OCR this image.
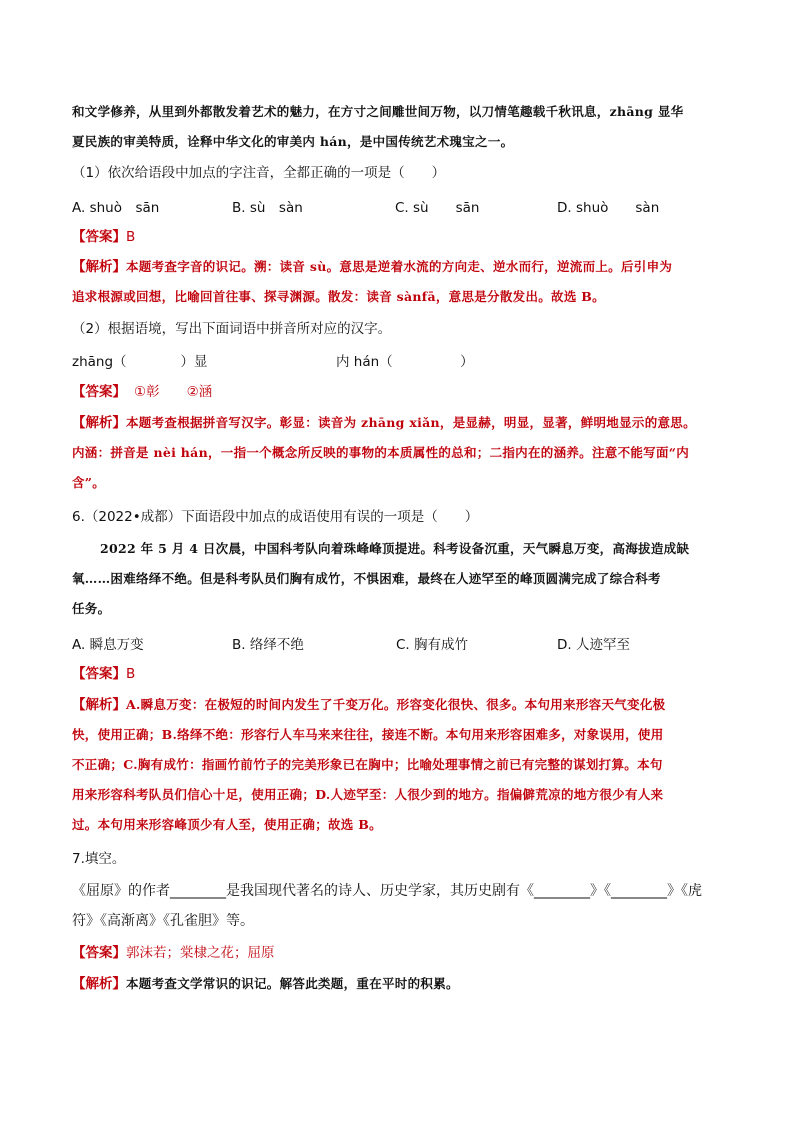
和文学修养，从里到外都散发着艺术的魅力，在方寸之间雕世间万物，以刀情笔趣载千秋讯息，zhāng 显华
夏民族的审美特质，诠释中华文化的审美内 hán，是中国传统艺术瑰宝之一。
（1）依次给语段中加点的字注音，全都正确的一项是（　　）
A. shuò　sān	B. sù　sàn	C. sù　　sān	D. shuò　　sàn
【答案】B
【解析】本题考查字音的识记。溯：读音 sù。意思是逆着水流的方向走、逆水而行，逆流而上。后引申为
追求根源或回想，比喻回首往事、探寻渊源。散发：读音 sànfā，意思是分散发出。故选 B。
（2）根据语境，写出下面词语中拼音所对应的汉字。
zhāng（　　　　）显	内 hán（　　　　　）
【答案】 ①彰　　②涵
【解析】本题考查根据拼音写汉字。彰显：读音为 zhāng xiǎn，是显赫，明显，显著，鲜明地显示的意思。
内涵：拼音是 nèi hán，一指一个概念所反映的事物的本质属性的总和；二指内在的涵养。注意不能写面“内
含”。
6.（2022•成都）下面语段中加点的成语使用有误的一项是（　　）
2022 年 5 月 4 日次晨，中国科考队向着珠峰峰顶提进。科考设备沉重，天气瞬息万变，高海拔造成缺
氧……困难络绎不绝。但是科考队员们胸有成竹，不惧困难，最终在人迹罕至的峰顶圆满完成了综合科考
任务。
A. 瞬息万变	B. 络绎不绝	C. 胸有成竹	D. 人迹罕至
【答案】B
【解析】A.瞬息万变：在极短的时间内发生了千变万化。形容变化很快、很多。本句用来形容天气变化极
快，使用正确；B.络绎不绝：形容行人车马来来往往，接连不断。本句用来形容困难多，对象误用，使用
不正确；C.胸有成竹：指画竹前竹子的完美形象已在胸中；比喻处理事情之前已有完整的谋划打算。本句
用来形容科考队员们信心十足，使用正确；D.人迹罕至：人很少到的地方。指偏僻荒凉的地方很少有人来
过。本句用来形容峰顶少有人至，使用正确；故选 B。
7.填空。
《屈原》的作者________是我国现代著名的诗人、历史学家，其历史剧有《________》《________》《虎
符》《高渐离》《孔雀胆》等。
【答案】郭沫若；棠棣之花；屈原
【解析】本题考查文学常识的识记。解答此类题，重在平时的积累。
